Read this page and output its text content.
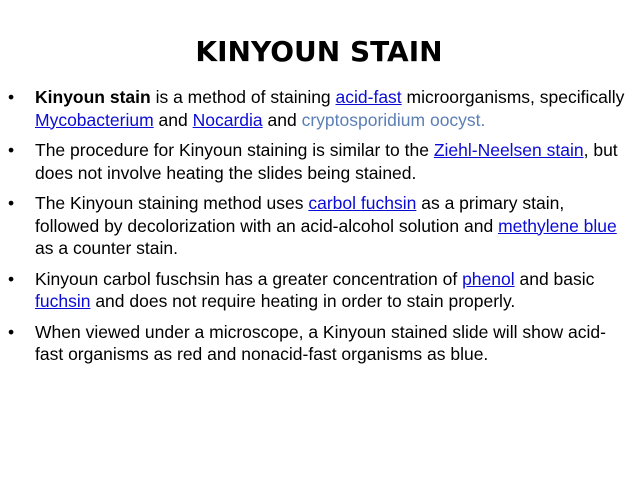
KINYOUN STAIN
•	Kinyoun stain is a method of staining acid-fast microorganisms, specifically Mycobacterium and Nocardia and cryptosporidium oocyst.
•	The procedure for Kinyoun staining is similar to the Ziehl-Neelsen stain, but does not involve heating the slides being stained.
•	The Kinyoun staining method uses carbol fuchsin as a primary stain, followed by decolorization with an acid-alcohol solution and methylene blue as a counter stain.
•	Kinyoun carbol fuschsin has a greater concentration of phenol and basic fuchsin and does not require heating in order to stain properly.
•	When viewed under a microscope, a Kinyoun stained slide will show acid-fast organisms as red and nonacid-fast organisms as blue.
